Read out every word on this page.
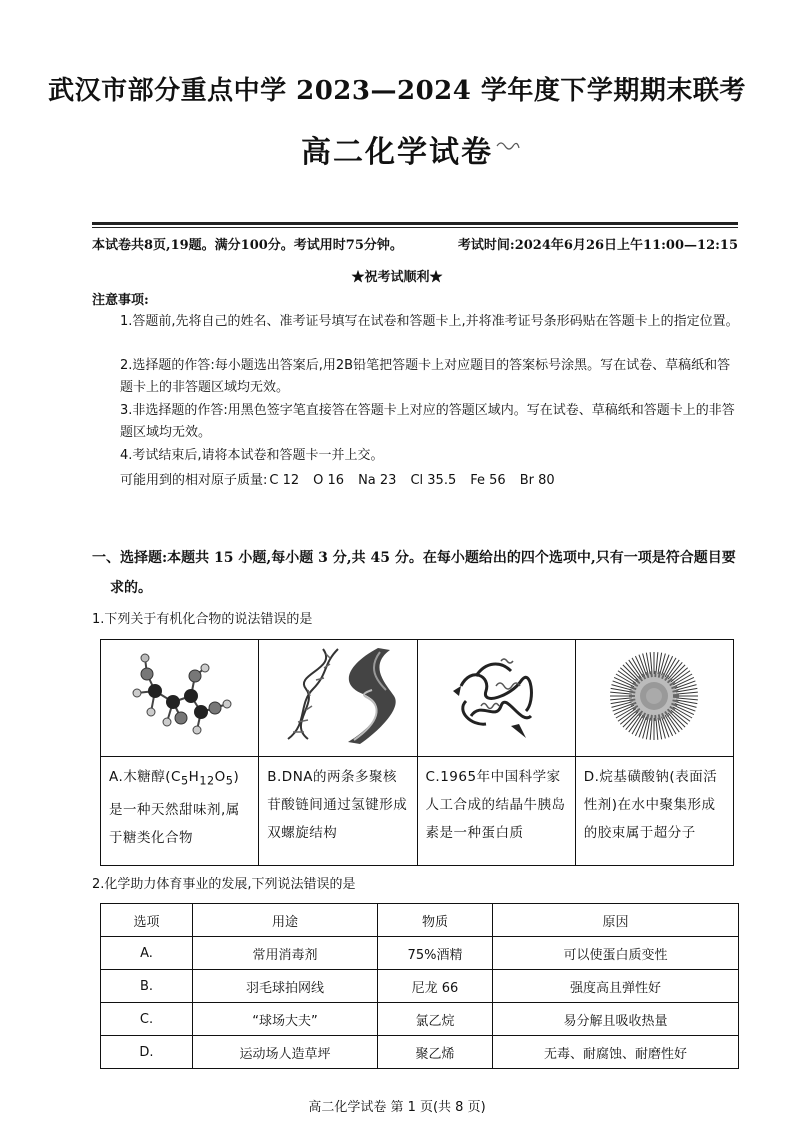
武汉市部分重点中学 2023—2024 学年度下学期期末联考
高二化学试卷
本试卷共8页,19题。满分100分。考试用时75分钟。	考试时间:2024年6月26日上午11:00—12:15
★祝考试顺利★
注意事项:
1.答题前,先将自己的姓名、准考证号填写在试卷和答题卡上,并将准考证号条形码贴在答题卡上的指定位置。
2.选择题的作答:每小题选出答案后,用2B铅笔把答题卡上对应题目的答案标号涂黑。写在试卷、草稿纸和答题卡上的非答题区域均无效。
3.非选择题的作答:用黑色签字笔直接答在答题卡上对应的答题区域内。写在试卷、草稿纸和答题卡上的非答题区域均无效。
4.考试结束后,请将本试卷和答题卡一并上交。
可能用到的相对原子质量: C 12 O 16 Na 23 Cl 35.5 Fe 56 Br 80
一、选择题:本题共 15 小题,每小题 3 分,共 45 分。在每小题给出的四个选项中,只有一项是符合题目要
求的。
1.下列关于有机化合物的说法错误的是

A.木糖醇$(C_5H_{12}O_5)$是一种天然甜味剂,属于糖类化合物	B.DNA的两条多聚核苷酸链间通过氢键形成双螺旋结构	C.1965年中国科学家人工合成的结晶牛胰岛素是一种蛋白质	D.烷基磺酸钠(表面活性剂)在水中聚集形成的胶束属于超分子
2.化学助力体育事业的发展,下列说法错误的是
选项	用途	物质	原因
A.	常用消毒剂	75%酒精	可以使蛋白质变性
B.	羽毛球拍网线	尼龙 66	强度高且弹性好
C.	“球场大夫”	氯乙烷	易分解且吸收热量
D.	运动场人造草坪	聚乙烯	无毒、耐腐蚀、耐磨性好
高二化学试卷 第 1 页(共 8 页)
